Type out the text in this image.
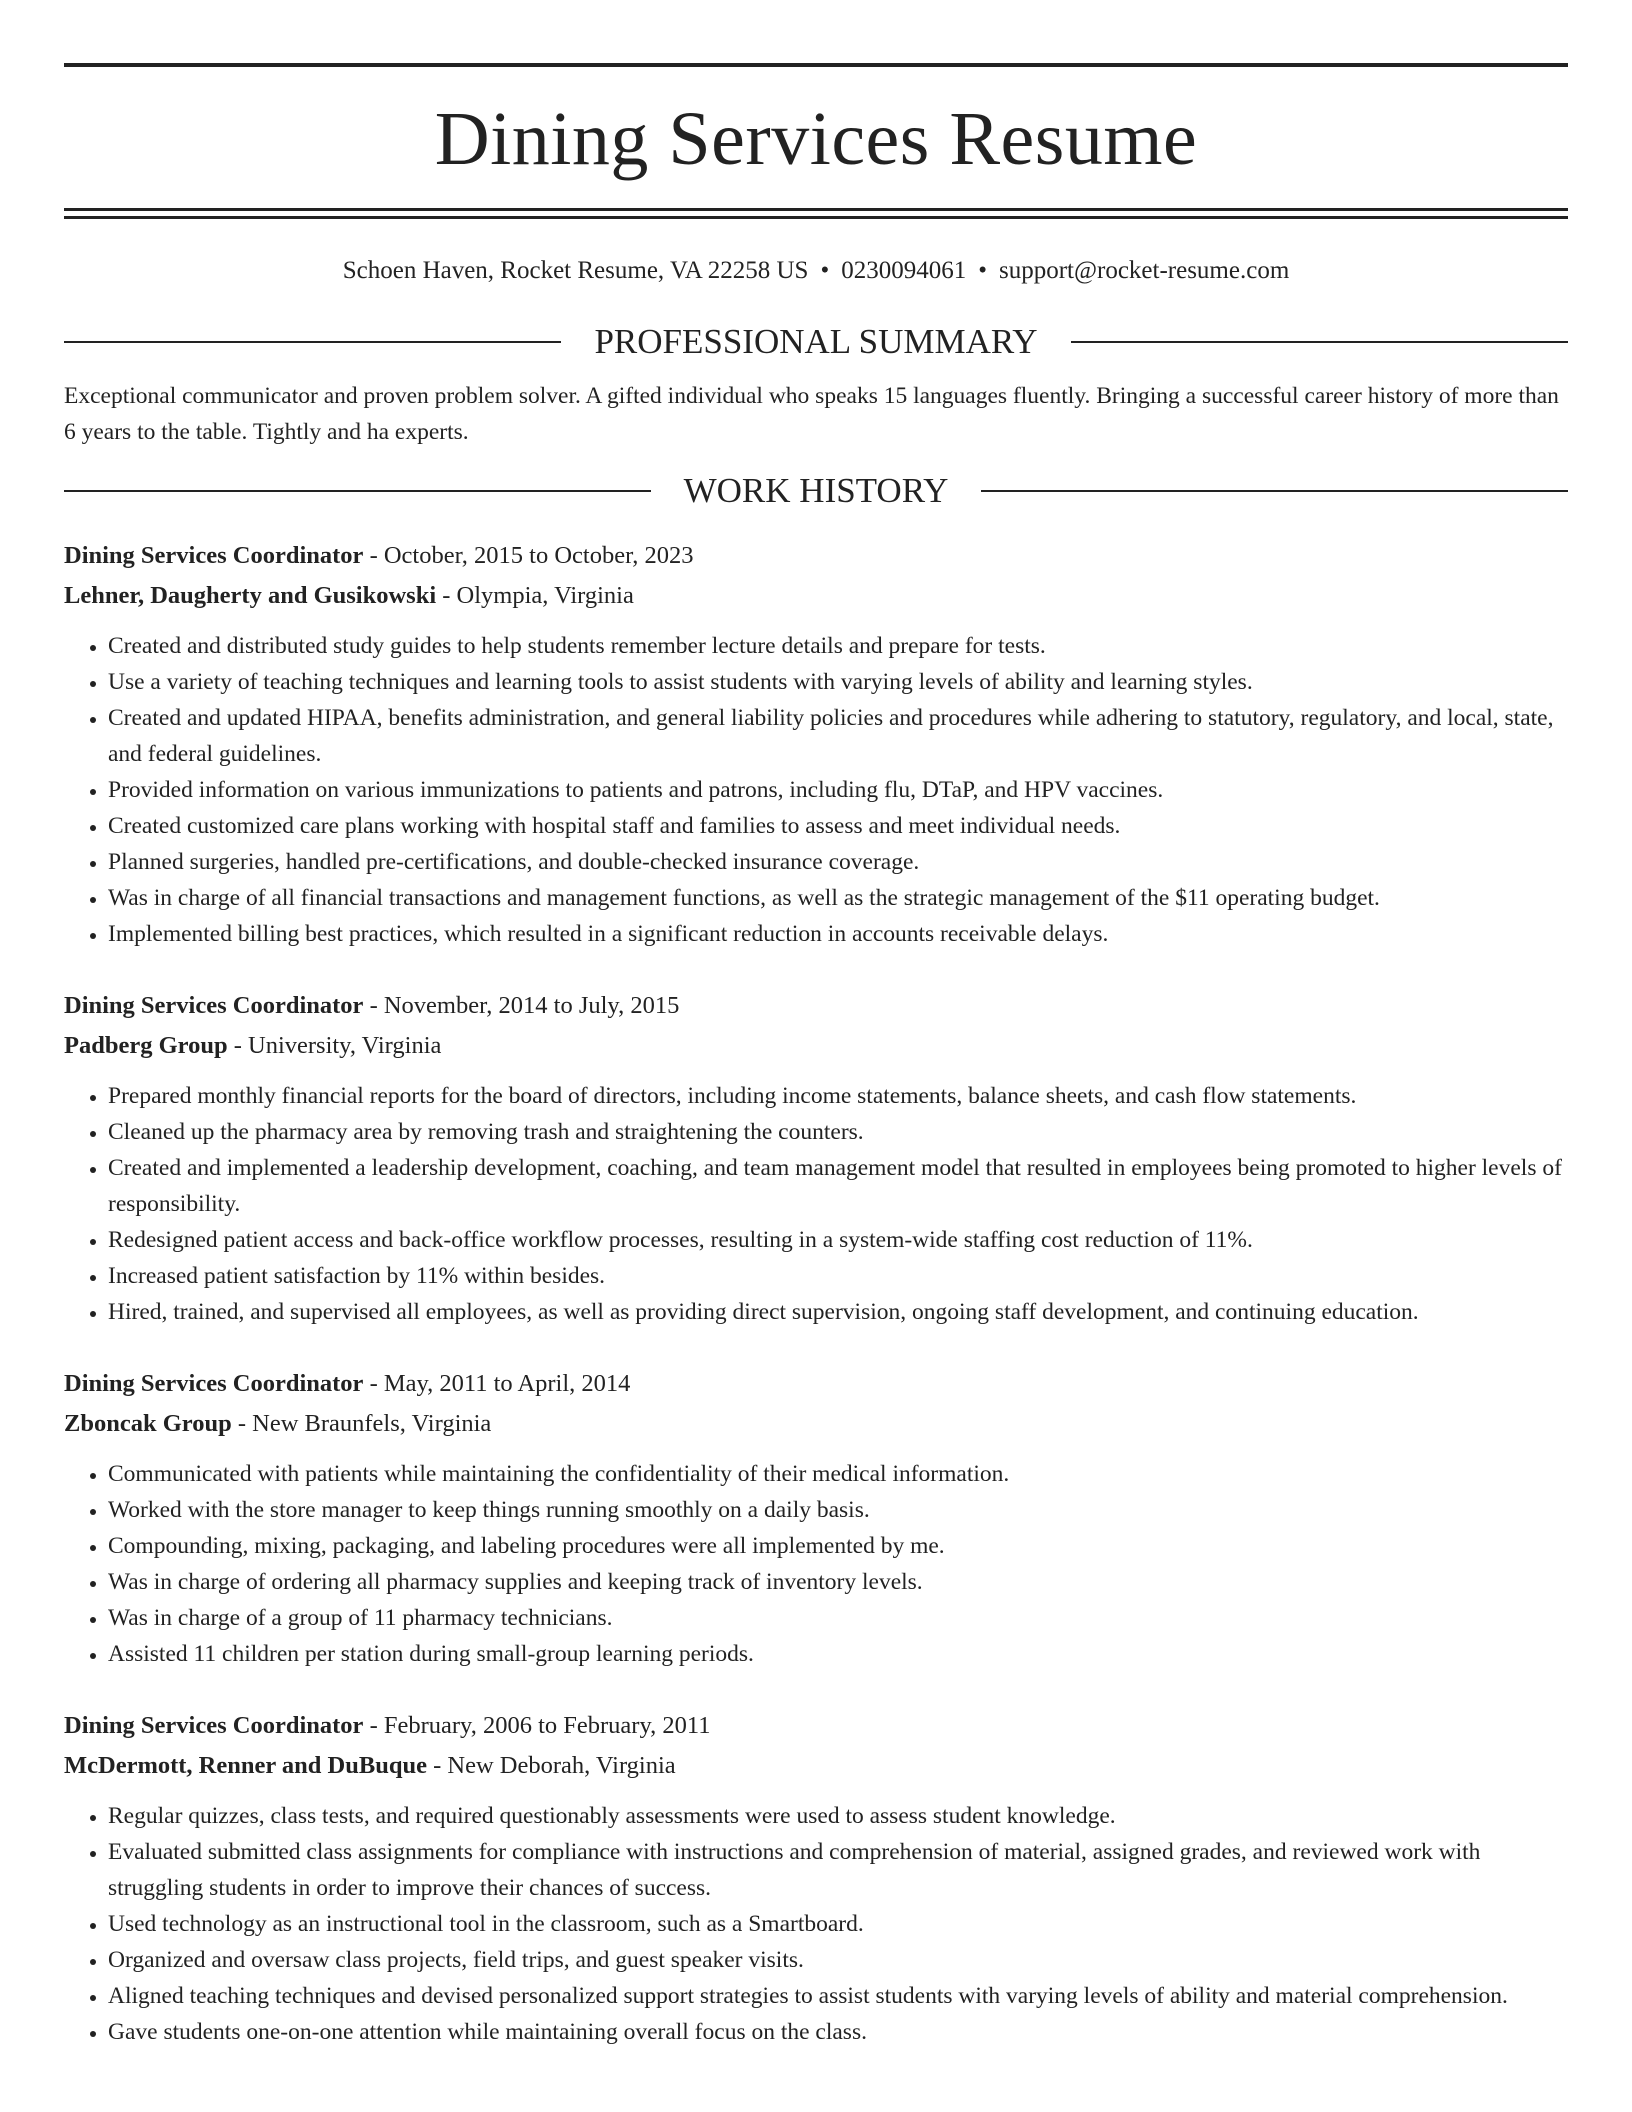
Dining Services Resume
Schoen Haven, Rocket Resume, VA 22258 US • 0230094061 • support@rocket-resume.com
PROFESSIONAL SUMMARY
Exceptional communicator and proven problem solver. A gifted individual who speaks 15 languages fluently. Bringing a successful career history of more than 6 years to the table. Tightly and ha experts.
WORK HISTORY
Dining Services Coordinator - October, 2015 to October, 2023
Lehner, Daugherty and Gusikowski - Olympia, Virginia
• Created and distributed study guides to help students remember lecture details and prepare for tests.
• Use a variety of teaching techniques and learning tools to assist students with varying levels of ability and learning styles.
• Created and updated HIPAA, benefits administration, and general liability policies and procedures while adhering to statutory, regulatory, and local, state, and federal guidelines.
• Provided information on various immunizations to patients and patrons, including flu, DTaP, and HPV vaccines.
• Created customized care plans working with hospital staff and families to assess and meet individual needs.
• Planned surgeries, handled pre-certifications, and double-checked insurance coverage.
• Was in charge of all financial transactions and management functions, as well as the strategic management of the $11 operating budget.
• Implemented billing best practices, which resulted in a significant reduction in accounts receivable delays.
Dining Services Coordinator - November, 2014 to July, 2015
Padberg Group - University, Virginia
• Prepared monthly financial reports for the board of directors, including income statements, balance sheets, and cash flow statements.
• Cleaned up the pharmacy area by removing trash and straightening the counters.
• Created and implemented a leadership development, coaching, and team management model that resulted in employees being promoted to higher levels of responsibility.
• Redesigned patient access and back-office workflow processes, resulting in a system-wide staffing cost reduction of 11%.
• Increased patient satisfaction by 11% within besides.
• Hired, trained, and supervised all employees, as well as providing direct supervision, ongoing staff development, and continuing education.
Dining Services Coordinator - May, 2011 to April, 2014
Zboncak Group - New Braunfels, Virginia
• Communicated with patients while maintaining the confidentiality of their medical information.
• Worked with the store manager to keep things running smoothly on a daily basis.
• Compounding, mixing, packaging, and labeling procedures were all implemented by me.
• Was in charge of ordering all pharmacy supplies and keeping track of inventory levels.
• Was in charge of a group of 11 pharmacy technicians.
• Assisted 11 children per station during small-group learning periods.
Dining Services Coordinator - February, 2006 to February, 2011
McDermott, Renner and DuBuque - New Deborah, Virginia
• Regular quizzes, class tests, and required questionably assessments were used to assess student knowledge.
• Evaluated submitted class assignments for compliance with instructions and comprehension of material, assigned grades, and reviewed work with struggling students in order to improve their chances of success.
• Used technology as an instructional tool in the classroom, such as a Smartboard.
• Organized and oversaw class projects, field trips, and guest speaker visits.
• Aligned teaching techniques and devised personalized support strategies to assist students with varying levels of ability and material comprehension.
• Gave students one-on-one attention while maintaining overall focus on the class.
